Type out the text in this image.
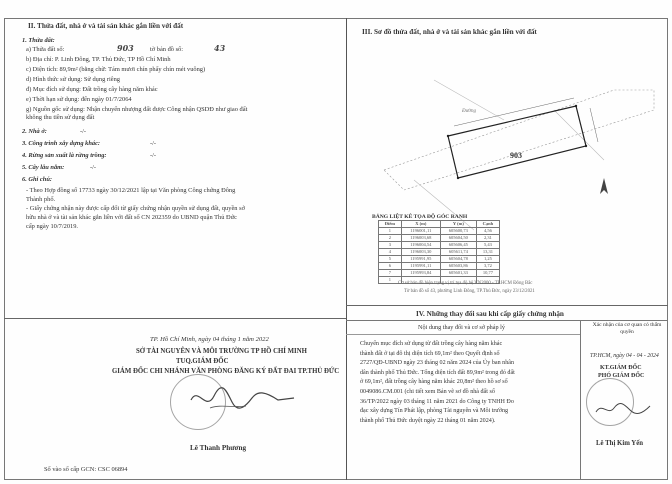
II. Thửa đất, nhà ở và tài sản khác gắn liền với đất
1. Thửa đất:
a) Thửa đất số:	903	tờ bản đồ số:	43
b) Địa chỉ: P. Linh Đông, TP. Thủ Đức, TP Hồ Chí Minh
c) Diện tích: 89,9m² (bằng chữ: Tám mươi chín phẩy chín mét vuông)
d) Hình thức sử dụng: Sử dụng riêng
đ) Mục đích sử dụng: Đất trồng cây hàng năm khác
e) Thời hạn sử dụng: đến ngày 01/7/2064
g) Nguồn gốc sử dụng: Nhận chuyển nhượng đất được Công nhận QSDĐ như giao đất
không thu tiền sử dụng đất
2. Nhà ở:	-/-
3. Công trình xây dựng khác:	-/-
4. Rừng sản xuất là rừng trồng:	-/-
5. Cây lâu năm:	-/-
6. Ghi chú:
- Theo Hợp đồng số 17733 ngày 30/12/2021 lập tại Văn phòng Công chứng Đông
Thành phố.
- Giấy chứng nhận này được cấp đổi từ giấy chứng nhận quyền sử dụng đất, quyền sở
hữu nhà ở và tài sản khác gắn liền với đất số CN 202359 do UBND quận Thủ Đức
cấp ngày 10/7/2019.
TP. Hồ Chí Minh, ngày 04 tháng 1 năm 2022
SỞ TÀI NGUYÊN VÀ MÔI TRƯỜNG TP HỒ CHÍ MINH
TUQ.GIÁM ĐỐC
GIÁM ĐỐC CHI NHÁNH VĂN PHÒNG ĐĂNG KÝ ĐẤT ĐAI TP.THỦ ĐỨC
Lê Thanh Phương
Số vào sổ cấp GCN: CSC 06894
III. Sơ đồ thửa đất, nhà ở và tài sản khác gắn liền với đất
903
Đường
BẢNG LIỆT KÊ TỌA ĐỘ GÓC RANH
Điểm	X (m)	Y (m)	Cạnh
1	1196001,11	605600,73	4,56
2	1196003,68	605604,50	2,31
3	1196004,54	605606,45	5,43
4	1196003,30	605611,74	13,31
5	1195991,95	605604,78	1,25
6	1195991,11	605603,86	3,72
7	1195993,84	605601,33	10,77
1			
Cơ sở bản đồ hiện trạng vị trí tọa độ hệ VN2000 - TP.HCM Đông Bắc
Tờ bản đồ số 43, phường Linh Đông, TP.Thủ Đức, ngày 23/12/2021
IV. Những thay đổi sau khi cấp giấy chứng nhận
Nội dung thay đổi và cơ sở pháp lý	Xác nhận của cơ quan có thẩm quyền
Chuyển mục đích sử dụng từ đất trồng cây hàng năm khác
thành đất ở tại đô thị diện tích 69,1m² theo Quyết định số
2727/QĐ-UBND ngày 23 tháng 02 năm 2024 của Ủy ban nhân
dân thành phố Thủ Đức. Tổng diện tích đất 89,9m² trong đó đất
ở 69,1m², đất trồng cây hàng năm khác 20,8m² theo hồ sơ số
0049086.CM.001 (chi tiết xem Bản vẽ sơ đồ nhà đất số
36/TP/2022 ngày 03 tháng 11 năm 2021 do Công ty TNHH Đo
đạc xây dựng Tín Phát lập, phòng Tài nguyên và Môi trường
thành phố Thủ Đức duyệt ngày 22 tháng 01 năm 2024).
TP.HCM, ngày 04 - 04 - 2024
KT.GIÁM ĐỐC
PHÓ GIÁM ĐỐC
Lê Thị Kim Yến
